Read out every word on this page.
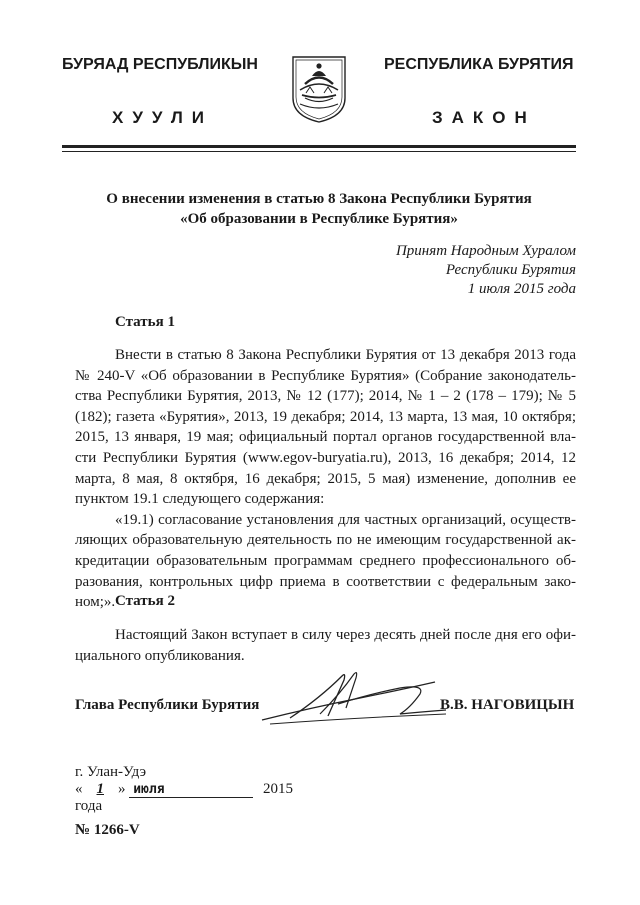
БУРЯАД РЕСПУБЛИКЫН
ХУУЛИ
РЕСПУБЛИКА БУРЯТИЯ
ЗАКОН
О внесении изменения в статью 8 Закона Республики Бурятия
«Об образовании в Республике Бурятия»
Принят Народным Хуралом
Республики Бурятия
1 июля 2015 года
Статья 1
Внести в статью 8 Закона Республики Бурятия от 13 декабря 2013 года
№ 240-V «Об образовании в Республике Бурятия» (Собрание законодатель-
ства Республики Бурятия, 2013, № 12 (177); 2014, № 1 – 2 (178 – 179); № 5
(182); газета «Бурятия», 2013, 19 декабря; 2014, 13 марта, 13 мая, 10 октября;
2015, 13 января, 19 мая; официальный портал органов государственной вла-
сти Республики Бурятия (www.egov-buryatia.ru), 2013, 16 декабря; 2014, 12
марта, 8 мая, 8 октября, 16 декабря; 2015, 5 мая) изменение, дополнив ее
пунктом 19.1 следующего содержания:
«19.1) согласование установления для частных организаций, осуществ-
ляющих образовательную деятельность по не имеющим государственной ак-
кредитации образовательным программам среднего профессионального об-
разования, контрольных цифр приема в соответствии с федеральным зако-
ном;». Статья 2
Настоящий Закон вступает в силу через десять дней после дня его офи-
циального опубликования.
Глава Республики Бурятия	В.В. НАГОВИЦЫН
г. Улан-Удэ
« 1 » июля	2015 года
№ 1266-V
